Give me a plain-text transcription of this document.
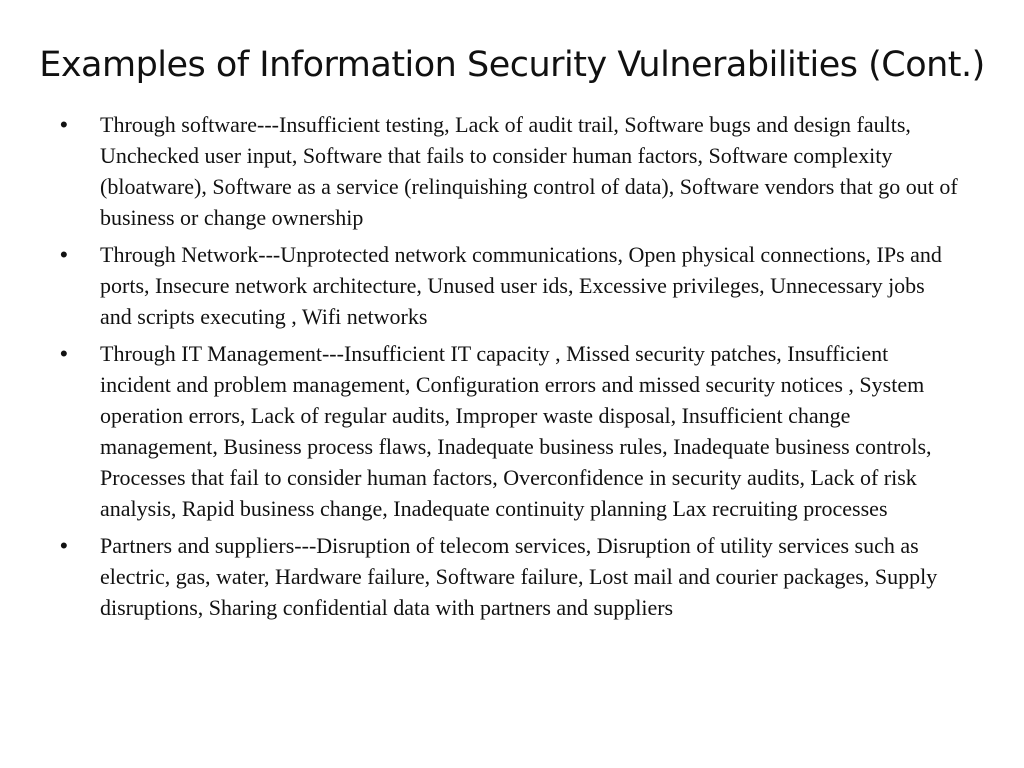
Examples of Information Security Vulnerabilities (Cont.)
• Through software---Insufficient testing, Lack of audit trail, Software bugs and design faults, Unchecked user input, Software that fails to consider human factors, Software complexity (bloatware), Software as a service (relinquishing control of data), Software vendors that go out of business or change ownership
• Through Network---Unprotected network communications, Open physical connections, IPs and ports, Insecure network architecture, Unused user ids, Excessive privileges, Unnecessary jobs and scripts executing , Wifi networks
• Through IT Management---Insufficient IT capacity , Missed security patches, Insufficient incident and problem management, Configuration errors and missed security notices , System operation errors, Lack of regular audits, Improper waste disposal, Insufficient change management, Business process flaws, Inadequate business rules, Inadequate business controls, Processes that fail to consider human factors, Overconfidence in security audits, Lack of risk analysis, Rapid business change, Inadequate continuity planning Lax recruiting processes
• Partners and suppliers---Disruption of telecom services, Disruption of utility services such as electric, gas, water, Hardware failure, Software failure, Lost mail and courier packages, Supply disruptions, Sharing confidential data with partners and suppliers
